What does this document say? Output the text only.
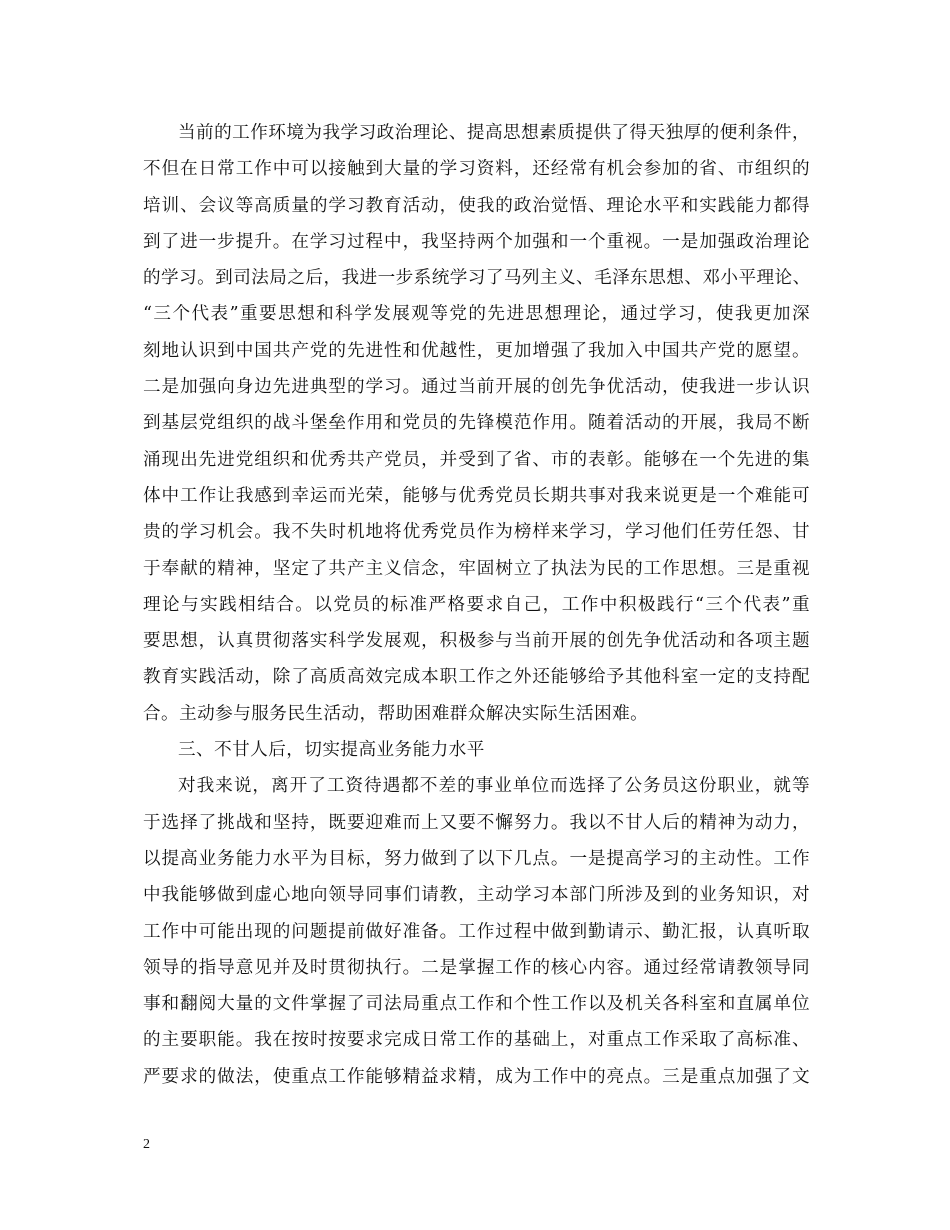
当前的工作环境为我学习政治理论、提高思想素质提供了得天独厚的便利条件，
不但在日常工作中可以接触到大量的学习资料，还经常有机会参加的省、市组织的
培训、会议等高质量的学习教育活动，使我的政治觉悟、理论水平和实践能力都得
到了进一步提升。在学习过程中，我坚持两个加强和一个重视。一是加强政治理论
的学习。到司法局之后，我进一步系统学习了马列主义、毛泽东思想、邓小平理论、
“三个代表”重要思想和科学发展观等党的先进思想理论，通过学习，使我更加深
刻地认识到中国共产党的先进性和优越性，更加增强了我加入中国共产党的愿望。
二是加强向身边先进典型的学习。通过当前开展的创先争优活动，使我进一步认识
到基层党组织的战斗堡垒作用和党员的先锋模范作用。随着活动的开展，我局不断
涌现出先进党组织和优秀共产党员，并受到了省、市的表彰。能够在一个先进的集
体中工作让我感到幸运而光荣，能够与优秀党员长期共事对我来说更是一个难能可
贵的学习机会。我不失时机地将优秀党员作为榜样来学习，学习他们任劳任怨、甘
于奉献的精神，坚定了共产主义信念，牢固树立了执法为民的工作思想。三是重视
理论与实践相结合。以党员的标准严格要求自己，工作中积极践行“三个代表”重
要思想，认真贯彻落实科学发展观，积极参与当前开展的创先争优活动和各项主题
教育实践活动，除了高质高效完成本职工作之外还能够给予其他科室一定的支持配
合。主动参与服务民生活动，帮助困难群众解决实际生活困难。
三、不甘人后，切实提高业务能力水平
对我来说，离开了工资待遇都不差的事业单位而选择了公务员这份职业，就等
于选择了挑战和坚持，既要迎难而上又要不懈努力。我以不甘人后的精神为动力，
以提高业务能力水平为目标，努力做到了以下几点。一是提高学习的主动性。工作
中我能够做到虚心地向领导同事们请教，主动学习本部门所涉及到的业务知识，对
工作中可能出现的问题提前做好准备。工作过程中做到勤请示、勤汇报，认真听取
领导的指导意见并及时贯彻执行。二是掌握工作的核心内容。通过经常请教领导同
事和翻阅大量的文件掌握了司法局重点工作和个性工作以及机关各科室和直属单位
的主要职能。我在按时按要求完成日常工作的基础上，对重点工作采取了高标准、
严要求的做法，使重点工作能够精益求精，成为工作中的亮点。三是重点加强了文
2
